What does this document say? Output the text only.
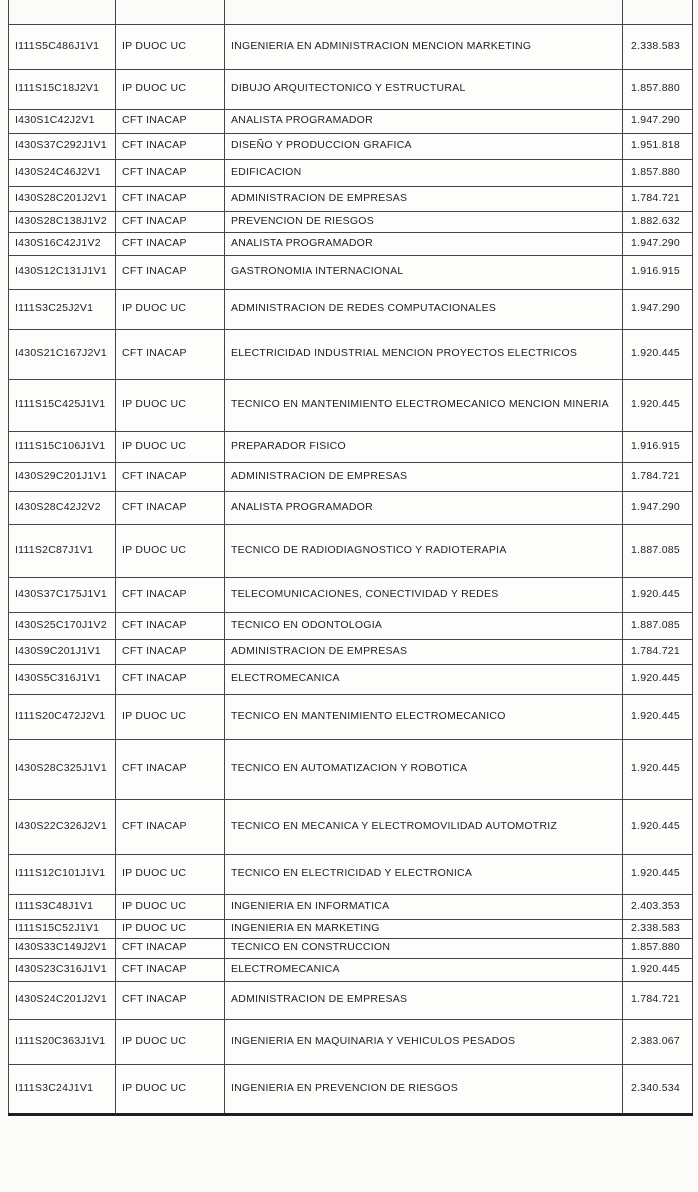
I111S5C486J1V1	IP DUOC UC	INGENIERIA EN ADMINISTRACION MENCION MARKETING	2.338.583
I111S15C18J2V1	IP DUOC UC	DIBUJO ARQUITECTONICO Y ESTRUCTURAL	1.857.880
I430S1C42J2V1	CFT INACAP	ANALISTA PROGRAMADOR	1.947.290
I430S37C292J1V1	CFT INACAP	DISEÑO Y PRODUCCION GRAFICA	1.951.818
I430S24C46J2V1	CFT INACAP	EDIFICACION	1.857.880
I430S28C201J2V1	CFT INACAP	ADMINISTRACION DE EMPRESAS	1.784.721
I430S28C138J1V2	CFT INACAP	PREVENCION DE RIESGOS	1.882.632
I430S16C42J1V2	CFT INACAP	ANALISTA PROGRAMADOR	1.947.290
I430S12C131J1V1	CFT INACAP	GASTRONOMIA INTERNACIONAL	1.916.915
I111S3C25J2V1	IP DUOC UC	ADMINISTRACION DE REDES COMPUTACIONALES	1.947.290
I430S21C167J2V1	CFT INACAP	ELECTRICIDAD INDUSTRIAL MENCION PROYECTOS ELECTRICOS	1.920.445
I111S15C425J1V1	IP DUOC UC	TECNICO EN MANTENIMIENTO ELECTROMECANICO MENCION MINERIA	1.920.445
I111S15C106J1V1	IP DUOC UC	PREPARADOR FISICO	1.916.915
I430S29C201J1V1	CFT INACAP	ADMINISTRACION DE EMPRESAS	1.784.721
I430S28C42J2V2	CFT INACAP	ANALISTA PROGRAMADOR	1.947.290
I111S2C87J1V1	IP DUOC UC	TECNICO DE RADIODIAGNOSTICO Y RADIOTERAPIA	1.887.085
I430S37C175J1V1	CFT INACAP	TELECOMUNICACIONES, CONECTIVIDAD Y REDES	1.920.445
I430S25C170J1V2	CFT INACAP	TECNICO EN ODONTOLOGIA	1.887.085
I430S9C201J1V1	CFT INACAP	ADMINISTRACION DE EMPRESAS	1.784.721
I430S5C316J1V1	CFT INACAP	ELECTROMECANICA	1.920.445
I111S20C472J2V1	IP DUOC UC	TECNICO EN MANTENIMIENTO ELECTROMECANICO	1.920.445
I430S28C325J1V1	CFT INACAP	TECNICO EN AUTOMATIZACION Y ROBOTICA	1.920.445
I430S22C326J2V1	CFT INACAP	TECNICO EN MECANICA Y ELECTROMOVILIDAD AUTOMOTRIZ	1.920.445
I111S12C101J1V1	IP DUOC UC	TECNICO EN ELECTRICIDAD Y ELECTRONICA	1.920.445
I111S3C48J1V1	IP DUOC UC	INGENIERIA EN INFORMATICA	2.403.353
I111S15C52J1V1	IP DUOC UC	INGENIERIA EN MARKETING	2.338.583
I430S33C149J2V1	CFT INACAP	TECNICO EN CONSTRUCCION	1.857.880
I430S23C316J1V1	CFT INACAP	ELECTROMECANICA	1.920.445
I430S24C201J2V1	CFT INACAP	ADMINISTRACION DE EMPRESAS	1.784.721
I111S20C363J1V1	IP DUOC UC	INGENIERIA EN MAQUINARIA Y VEHICULOS PESADOS	2.383.067
I111S3C24J1V1	IP DUOC UC	INGENIERIA EN PREVENCION DE RIESGOS	2.340.534
